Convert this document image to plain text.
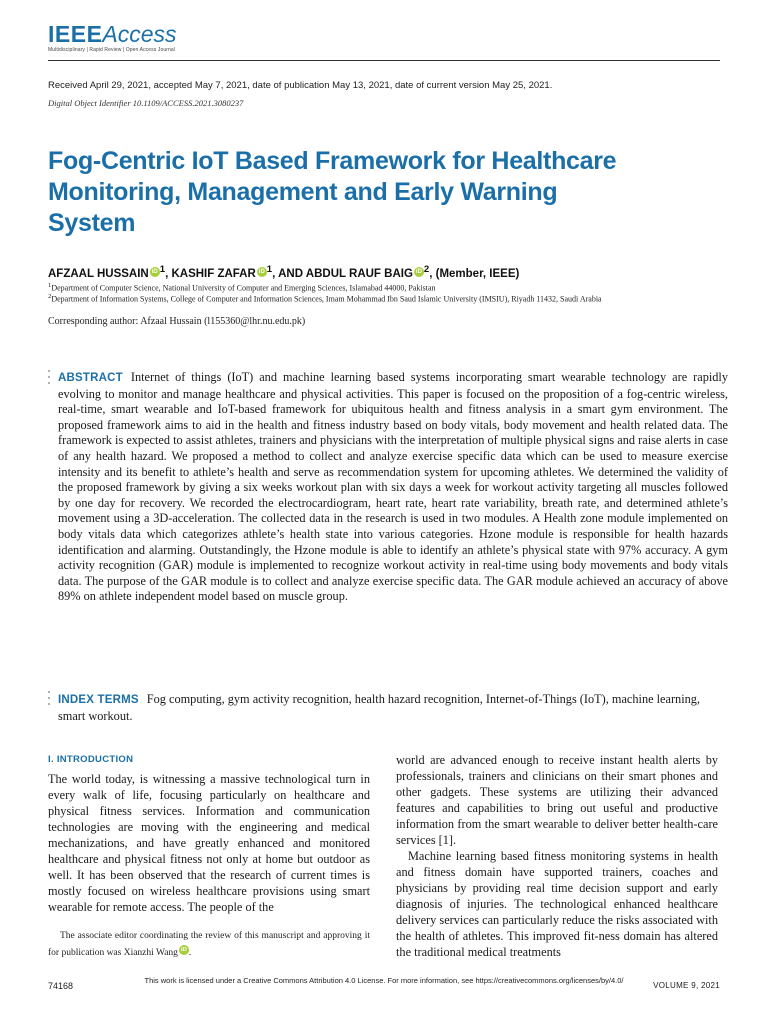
IEEEAccess
Multidisciplinary | Rapid Review | Open Access Journal
Received April 29, 2021, accepted May 7, 2021, date of publication May 13, 2021, date of current version May 25, 2021.
Digital Object Identifier 10.1109/ACCESS.2021.3080237
Fog-Centric IoT Based Framework for Healthcare Monitoring, Management and Early Warning System
AFZAAL HUSSAIN iD $^1$, KASHIF ZAFAR iD $^1$, AND ABDUL RAUF BAIG iD $^2$, (Member, IEEE)
$^1$Department of Computer Science, National University of Computer and Emerging Sciences, Islamabad 44000, Pakistan
$^2$Department of Information Systems, College of Computer and Information Sciences, Imam Mohammad Ibn Saud Islamic University (IMSIU), Riyadh 11432, Saudi Arabia
Corresponding author: Afzaal Hussain (l155360@lhr.nu.edu.pk)

ABSTRACT Internet of things (IoT) and machine learning based systems incorporating smart wearable technology are rapidly evolving to monitor and manage healthcare and physical activities. This paper is focused on the proposition of a fog-centric wireless, real-time, smart wearable and IoT-based framework for ubiquitous health and fitness analysis in a smart gym environment. The proposed framework aims to aid in the health and fitness industry based on body vitals, body movement and health related data. The framework is expected to assist athletes, trainers and physicians with the interpretation of multiple physical signs and raise alerts in case of any health hazard. We proposed a method to collect and analyze exercise specific data which can be used to measure exercise intensity and its benefit to athlete’s health and serve as recommendation system for upcoming athletes. We determined the validity of the proposed framework by giving a six weeks workout plan with six days a week for workout activity targeting all muscles followed by one day for recovery. We recorded the electrocardiogram, heart rate, heart rate variability, breath rate, and determined athlete’s movement using a 3D-acceleration. The collected data in the research is used in two modules. A Health zone module implemented on body vitals data which categorizes athlete’s health state into various categories. Hzone module is responsible for health hazards identification and alarming. Outstandingly, the Hzone module is able to identify an athlete’s physical state with 97% accuracy. A gym activity recognition (GAR) module is implemented to recognize workout activity in real-time using body movements and body vitals data. The purpose of the GAR module is to collect and analyze exercise specific data. The GAR module achieved an accuracy of above 89% on athlete independent model based on muscle group.

INDEX TERMS Fog computing, gym activity recognition, health hazard recognition, Internet-of-Things (IoT), machine learning, smart workout.

I. INTRODUCTION

The world today, is witnessing a massive technological turn in every walk of life, focusing particularly on healthcare and physical fitness services. Information and communication technologies are moving with the engineering and medical mechanizations, and have greatly enhanced and monitored healthcare and physical fitness not only at home but outdoor as well. It has been observed that the research of current times is mostly focused on wireless healthcare provisions using smart wearable for remote access. The people of the

The associate editor coordinating the review of this manuscript and approving it for publication was Xianzhi Wang iD .

world are advanced enough to receive instant health alerts by professionals, trainers and clinicians on their smart phones and other gadgets. These systems are utilizing their advanced features and capabilities to bring out useful and productive information from the smart wearable to deliver better health-care services [1].

Machine learning based fitness monitoring systems in health and fitness domain have supported trainers, coaches and physicians by providing real time decision support and early diagnosis of injuries. The technological enhanced healthcare delivery services can particularly reduce the risks associated with the health of athletes. This improved fit-ness domain has altered the traditional medical treatments

74168
This work is licensed under a Creative Commons Attribution 4.0 License. For more information, see https://creativecommons.org/licenses/by/4.0/
VOLUME 9, 2021
